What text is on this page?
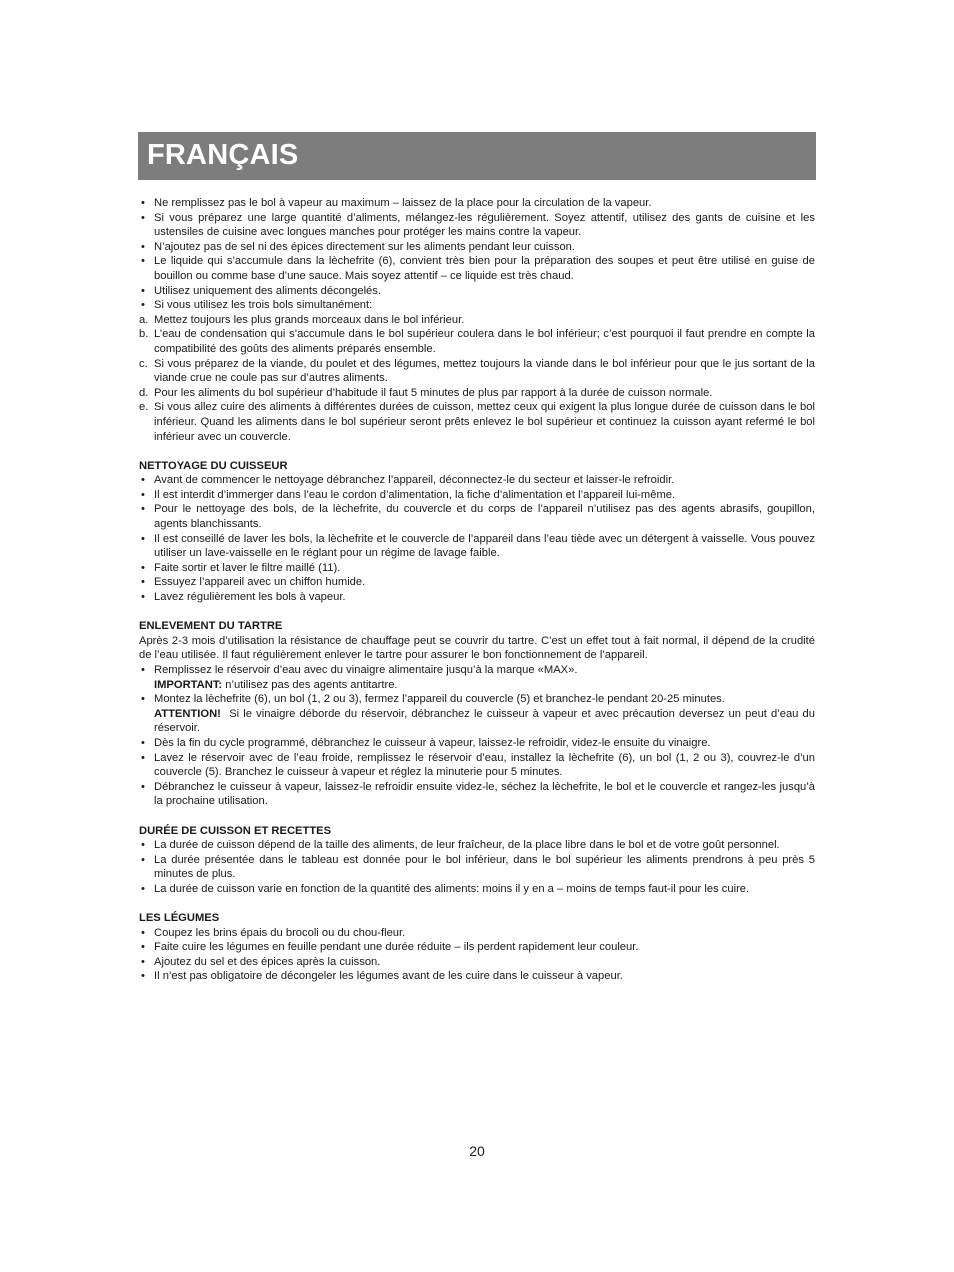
FRANÇAIS
• Ne remplissez pas le bol à vapeur au maximum – laissez de la place pour la circulation de la vapeur.
• Si vous préparez une large quantité d’aliments, mélangez-les régulièrement. Soyez attentif, utilisez des gants de cuisine et les ustensiles de cuisine avec longues manches pour protéger les mains contre la vapeur.
• N’ajoutez pas de sel ni des épices directement sur les aliments pendant leur cuisson.
• Le liquide qui s’accumule dans la lèchefrite (6), convient très bien pour la préparation des soupes et peut être utilisé en guise de bouillon ou comme base d’une sauce. Mais soyez attentif – ce liquide est très chaud.
• Utilisez uniquement des aliments décongelés.
• Si vous utilisez les trois bols simultanément:
a. Mettez toujours les plus grands morceaux dans le bol inférieur.
b. L’eau de condensation qui s’accumule dans le bol supérieur coulera dans le bol inférieur; c’est pourquoi il faut prendre en compte la compatibilité des goûts des aliments préparés ensemble.
c. Si vous préparez de la viande, du poulet et des légumes, mettez toujours la viande dans le bol inférieur pour que le jus sortant de la viande crue ne coule pas sur d’autres aliments.
d. Pour les aliments du bol supérieur d’habitude il faut 5 minutes de plus par rapport à la durée de cuisson normale.
e. Si vous allez cuire des aliments à différentes durées de cuisson, mettez ceux qui exigent la plus longue durée de cuisson dans le bol inférieur. Quand les aliments dans le bol supérieur seront prêts enlevez le bol supérieur et continuez la cuisson ayant refermé le bol inférieur avec un couvercle.
NETTOYAGE DU CUISSEUR
• Avant de commencer le nettoyage débranchez l’appareil, déconnectez-le du secteur et laisser-le refroidir.
• Il est interdit d’immerger dans l’eau le cordon d’alimentation, la fiche d’alimentation et l’appareil lui-même.
• Pour le nettoyage des bols, de la lèchefrite, du couvercle et du corps de l’appareil n’utilisez pas des agents abrasifs, goupillon, agents blanchissants.
• Il est conseillé de laver les bols, la lèchefrite et le couvercle de l’appareil dans l’eau tiède avec un détergent à vaisselle. Vous pouvez utiliser un lave-vaisselle en le réglant pour un régime de lavage faible.
• Faite sortir et laver le filtre maillé (11).
• Essuyez l’appareil avec un chiffon humide.
• Lavez régulièrement les bols à vapeur.
ENLEVEMENT DU TARTRE
Après 2-3 mois d’utilisation la résistance de chauffage peut se couvrir du tartre. C’est un effet tout à fait normal, il dépend de la crudité de l’eau utilisée. Il faut régulièrement enlever le tartre pour assurer le bon fonctionnement de l’appareil.
• Remplissez le réservoir d’eau avec du vinaigre alimentaire jusqu’à la marque «MAX».
IMPORTANT: n’utilisez pas des agents antitartre.
• Montez la lèchefrite (6), un bol (1, 2 ou 3), fermez l’appareil du couvercle (5) et branchez-le pendant 20-25 minutes.
ATTENTION!  Si le vinaigre déborde du réservoir, débranchez le cuisseur à vapeur et avec précaution deversez un peut d’eau du réservoir.
• Dès la fin du cycle programmé, débranchez le cuisseur à vapeur, laissez-le refroidir, videz-le ensuite du vinaigre.
• Lavez le réservoir avec de l’eau froide, remplissez le réservoir d’eau, installez la lèchefrite (6), un bol (1, 2 ou 3), couvrez-le d’un couvercle (5). Branchez le cuisseur à vapeur et réglez la minuterie pour 5 minutes.
• Débranchez le cuisseur à vapeur, laissez-le refroidir ensuite videz-le, séchez la lèchefrite, le bol et le couvercle et rangez-les jusqu’à la prochaine utilisation.
DURÉE DE CUISSON ET RECETTES
• La durée de cuisson dépend de la taille des aliments, de leur fraîcheur, de la place libre dans le bol et de votre goût personnel.
• La durée présentée dans le tableau est donnée pour le bol inférieur, dans le bol supérieur les aliments prendrons à peu près 5 minutes de plus.
• La durée de cuisson varie en fonction de la quantité des aliments: moins il y en a – moins de temps faut-il pour les cuire.
LES LÉGUMES
• Coupez les brins épais du brocoli ou du chou-fleur.
• Faite cuire les légumes en feuille pendant une durée réduite – ils perdent rapidement leur couleur.
• Ajoutez du sel et des épices après la cuisson.
• Il n’est pas obligatoire de décongeler les légumes avant de les cuire dans le cuisseur à vapeur.
20
